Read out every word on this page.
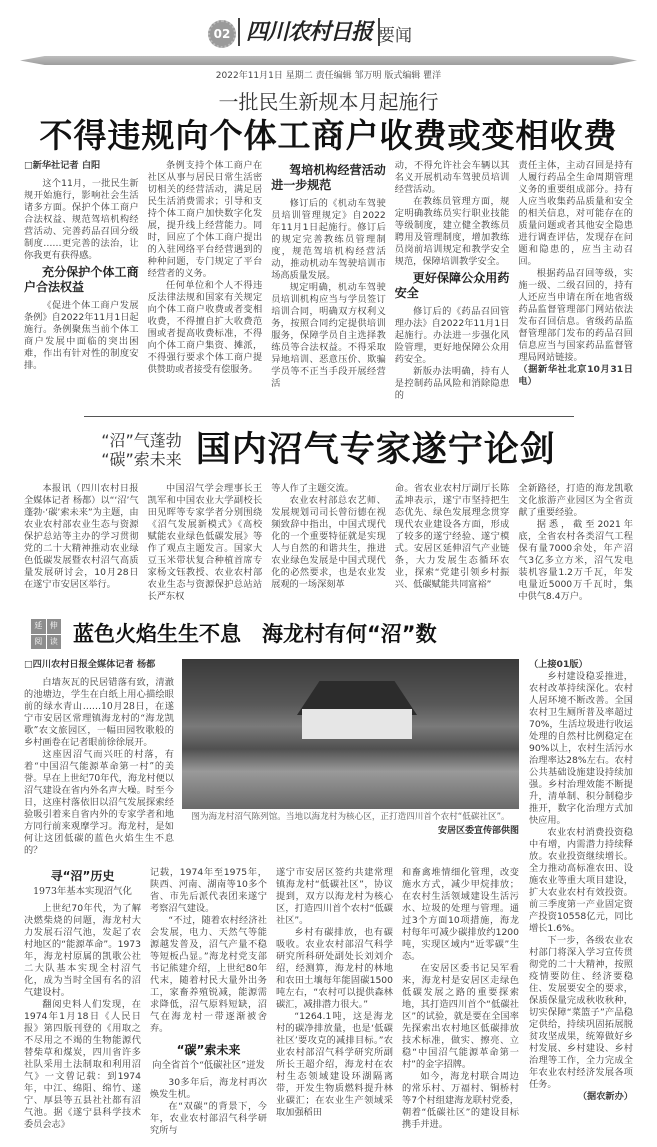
02 四川农村日报 要闻
2022年11月1日 星期二 责任编辑 邹万明 版式编辑 瞿洋
一批民生新规本月起施行
不得违规向个体工商户收费或变相收费

□新华社记者 白阳

这个11月，一批民生新规开始施行，影响社会生活诸多方面。保护个体工商户合法权益、规范驾培机构经营活动、完善药品召回分级制度……更完善的法治，让你我更有获得感。

充分保护个体工商户合法权益

《促进个体工商户发展条例》自2022年11月1日起施行。条例聚焦当前个体工商户发展中面临的突出困难，作出有针对性的制度安排。

条例支持个体工商户在社区从事与居民日常生活密切相关的经营活动，满足居民生活消费需求；引导和支持个体工商户加快数字化发展，提升线上经营能力。同时，回应了个体工商户提出的入驻网络平台经营遇到的种种问题，专门规定了平台经营者的义务。

任何单位和个人不得违反法律法规和国家有关规定向个体工商户收费或者变相收费，不得擅自扩大收费范围或者提高收费标准，不得向个体工商户集资、摊派，不得强行要求个体工商户提供赞助或者接受有偿服务。

驾培机构经营活动进一步规范

修订后的《机动车驾驶员培训管理规定》自2022年11月1日起施行。修订后的规定完善教练员管理制度，规范驾培机构经营活动，推动机动车驾驶培训市场高质量发展。

规定明确，机动车驾驶员培训机构应当与学员签订培训合同，明确双方权利义务，按照合同约定提供培训服务，保障学员自主选择教练员等合法权益。不得采取异地培训、恶意压价、欺骗学员等不正当手段开展经营活

动，不得允许社会车辆以其名义开展机动车驾驶员培训经营活动。

在教练员管理方面，规定明确教练员实行职业技能等级制度，建立健全教练员聘用及管理制度，增加教练员岗前培训规定和教学安全规范，保障培训教学安全。

更好保障公众用药安全

修订后的《药品召回管理办法》自2022年11月1日起施行。办法进一步强化风险管理，更好地保障公众用药安全。

新版办法明确，持有人是控制药品风险和消除隐患的

责任主体，主动召回是持有人履行药品全生命周期管理义务的重要组成部分。持有人应当收集药品质量和安全的相关信息，对可能存在的质量问题或者其他安全隐患进行调查评估，发现存在问题和隐患的，应当主动召回。

根据药品召回等级，实施一级、二级召回的，持有人还应当申请在所在地省级药品监督管理部门网站依法发布召回信息。省级药品监督管理部门发布的药品召回信息应当与国家药品监督管理局网站链接。

（据新华社北京10月31日电）

“沼”气蓬勃
“碳”索未来 国内沼气专家遂宁论剑

本报讯（四川农村日报全媒体记者 杨都）以“‘沼’气蓬勃·‘碳’索未来”为主题，由农业农村部农业生态与资源保护总站等主办的学习贯彻党的二十大精神推动农业绿色低碳发展暨农村沼气高质量发展研讨会，10月28日在遂宁市安居区举行。

中国沼气学会理事长王凯军和中国农业大学副校长田见晖等专家学者分别围绕《沼气发展新模式》《高校赋能农业绿色低碳发展》等作了观点主题发言。国家大豆玉米带状复合种植首席专家杨文钰教授、农业农村部农业生态与资源保护总站站长严东权

等人作了主题交流。

农业农村部总农艺师、发展规划司司长曾衍德在视频致辞中指出，中国式现代化的一个重要特征就是实现人与自然的和谐共生，推进农业绿色发展是中国式现代化的必然要求，也是农业发展观的一场深刻革

命。省农业农村厅副厅长陈孟坤表示，遂宁市坚持把生态优先、绿色发展理念贯穿现代农业建设各方面，形成了较多的遂宁经验、遂宁模式。安居区延伸沼气产业链条，大力发展生态循环农业，探索“党建引领乡村振兴、低碳赋能共同富裕”

全新路径，打造的海龙凯歌文化旅游产业园区为全省贡献了重要经验。

据悉，截至2021年底，全省农村各类沼气工程保有量7000余处，年产沼气3亿多立方米，沼气发电装机容量1.2万千瓦，年发电量近5000万千瓦时，集中供气8.4万户。

延 伸
阅 读 蓝色火焰生生不息　海龙村有何“沼”数

□四川农村日报全媒体记者 杨都

白墙灰瓦的民居错落有致，清澈的池塘边，学生在白纸上用心描绘眼前的绿水青山……10月28日，在遂宁市安居区常理镇海龙村的“海龙凯歌”农文旅园区，一幅田园牧歌般的乡村画卷在记者眼前徐徐展开。

这座因沼气而兴旺的村落，有着“中国沼气能源革命第一村”的美誉。早在上世纪70年代，海龙村便以沼气建设在省内外名声大噪。时至今日，这座村落依旧以沼气发展探索经验吸引着来自省内外的专家学者和地方同行前来观摩学习。海龙村，是如何让这团低碳的蓝色火焰生生不息的？

图为海龙村沼气陈列馆。当地以海龙村为核心区，正打造四川首个农村“低碳社区”。
安居区委宣传部供图
寻“沼”历史

1973年基本实现沼气化

上世纪70年代，为了解决燃柴烧的问题，海龙村大力发展石沼气池，发起了农村地区的“能源革命”。1973年，海龙村原属的凯歌公社二大队基本实现全村沼气化，成为当时全国有名的沼气建设村。

翻阅史料人们发现，在1974年1月18日《人民日报》第四版刊登的《用取之不尽用之不竭的生物能源代替柴草和煤炭，四川省许多社队采用土法制取和利用沼气》一文曾记载：到1974年，中江、绵阳、绵竹、遂宁、厚县等五县社社都有沼气池。据《遂宁县科学技术委员会志》

记载，1974年至1975年，陕西、河南、湖南等10多个省、市先后派代表团来遂宁考察沼气建设。

“不过，随着农村经济社会发展，电力、天然气等能源越发普及，沼气产量不稳等短板凸显。”海龙村党支部书记熊建介绍，上世纪80年代末，随着村民大量外出务工，家畜养殖锐减，能源需求降低，沼气原料短缺，沼气在海龙村一带逐渐被舍弃。

“碳”索未来

向全省首个“低碳社区”迸发

30多年后，海龙村再次焕发生机。

在“双碳”的背景下，今年，农业农村部沼气科学研究所与

遂宁市安居区签约共建常理镇海龙村“低碳社区”，协议提到，双方以海龙村为核心区，打造四川首个农村“低碳社区”。

乡村有碳排放，也有碳吸收。农业农村部沼气科学研究所科研处副处长刘刘介绍，经测算，海龙村的林地和农田土壤每年能固碳1500吨左右，“农村可以提供森林碳汇，减排潜力很大。”

“1264.1吨，这是海龙村的碳净排放量，也是‘低碳社区’要攻克的减排目标。”农业农村部沼气科学研究所副所长王超介绍，海龙村在农村生态领域建设环湖隔离带，开发生物质燃料提升林业碳汇；在农业生产领域采取加强稻田

和畜禽堆情细化管理，改变施水方式，减少甲烷排放；在农村生活领域建设生活污水、垃圾的处理与管理。通过3个方面10项措施，海龙村每年可减少碳排放约1200吨，实现区域内“近零碳”生态。

在安居区委书记吴军看来，海龙村是安居区走绿色低碳发展之路的重要探索地，其打造四川首个“低碳社区”的试验，就是要在全国率先探索出农村地区低碳排放技术标准，做实、擦亮、立稳“中国沼气能源革命第一村”的金字招牌。

如今，海龙村联合周边的常乐村、万福村、铜桥村等7个村组建海龙联村党委，朝着“低碳社区”的建设目标携手并进。

（上接01版）

乡村建设稳妥推进，农村改革持续深化。农村人居环境不断改善。全国农村卫生厕所普及率超过70%，生活垃圾进行收运处理的自然村比例稳定在90%以上，农村生活污水治理率达28%左右。农村公共基础设施建设持续加强。乡村治理效能不断提升，清单制、积分制稳步推开，数字化治理方式加快应用。

农业农村消费投资稳中有增，内需潜力持续释放。农业投资继续增长。全力推动高标准农田、设施农业等重大项目建设，扩大农业农村有效投资。前三季度第一产业固定资产投资10558亿元，同比增长1.6%。

下一步，各级农业农村部门将深入学习宣传贯彻党的二十大精神，按照疫情要防住、经济要稳住、发展要安全的要求，保质保量完成秋收秋种，切实保障“菜篮子”产品稳定供给，持续巩固拓展脱贫攻坚成果，统筹做好乡村发展、乡村建设、乡村治理等工作，全力完成全年农业农村经济发展各项任务。

（据农新办）
